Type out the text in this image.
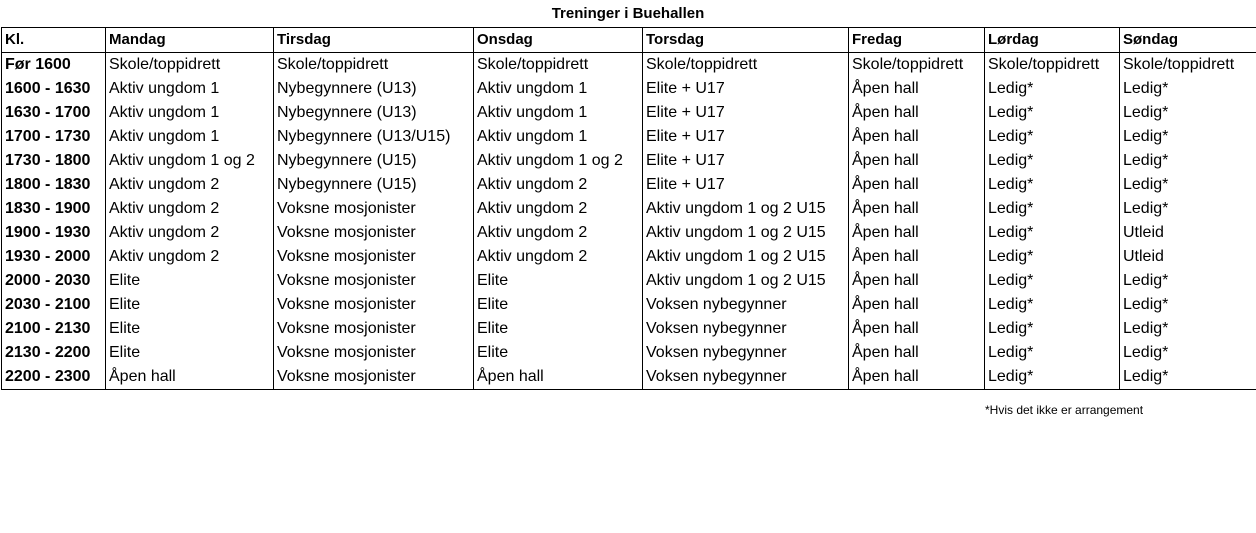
Treninger i Buehallen
Kl.	Mandag	Tirsdag	Onsdag	Torsdag	Fredag	Lørdag	Søndag
Før 1600	Skole/toppidrett	Skole/toppidrett	Skole/toppidrett	Skole/toppidrett	Skole/toppidrett	Skole/toppidrett	Skole/toppidrett
1600 - 1630	Aktiv ungdom 1	Nybegynnere (U13)	Aktiv ungdom 1	Elite + U17	Åpen hall	Ledig*	Ledig*
1630 - 1700	Aktiv ungdom 1	Nybegynnere (U13)	Aktiv ungdom 1	Elite + U17	Åpen hall	Ledig*	Ledig*
1700 - 1730	Aktiv ungdom 1	Nybegynnere (U13/U15)	Aktiv ungdom 1	Elite + U17	Åpen hall	Ledig*	Ledig*
1730 - 1800	Aktiv ungdom 1 og 2	Nybegynnere (U15)	Aktiv ungdom 1 og 2	Elite + U17	Åpen hall	Ledig*	Ledig*
1800 - 1830	Aktiv ungdom 2	Nybegynnere (U15)	Aktiv ungdom 2	Elite + U17	Åpen hall	Ledig*	Ledig*
1830 - 1900	Aktiv ungdom 2	Voksne mosjonister	Aktiv ungdom 2	Aktiv ungdom 1 og 2 U15	Åpen hall	Ledig*	Ledig*
1900 - 1930	Aktiv ungdom 2	Voksne mosjonister	Aktiv ungdom 2	Aktiv ungdom 1 og 2 U15	Åpen hall	Ledig*	Utleid
1930 - 2000	Aktiv ungdom 2	Voksne mosjonister	Aktiv ungdom 2	Aktiv ungdom 1 og 2 U15	Åpen hall	Ledig*	Utleid
2000 - 2030	Elite	Voksne mosjonister	Elite	Aktiv ungdom 1 og 2 U15	Åpen hall	Ledig*	Ledig*
2030 - 2100	Elite	Voksne mosjonister	Elite	Voksen nybegynner	Åpen hall	Ledig*	Ledig*
2100 - 2130	Elite	Voksne mosjonister	Elite	Voksen nybegynner	Åpen hall	Ledig*	Ledig*
2130 - 2200	Elite	Voksne mosjonister	Elite	Voksen nybegynner	Åpen hall	Ledig*	Ledig*
2200 - 2300	Åpen hall	Voksne mosjonister	Åpen hall	Voksen nybegynner	Åpen hall	Ledig*	Ledig*
*Hvis det ikke er arrangement
